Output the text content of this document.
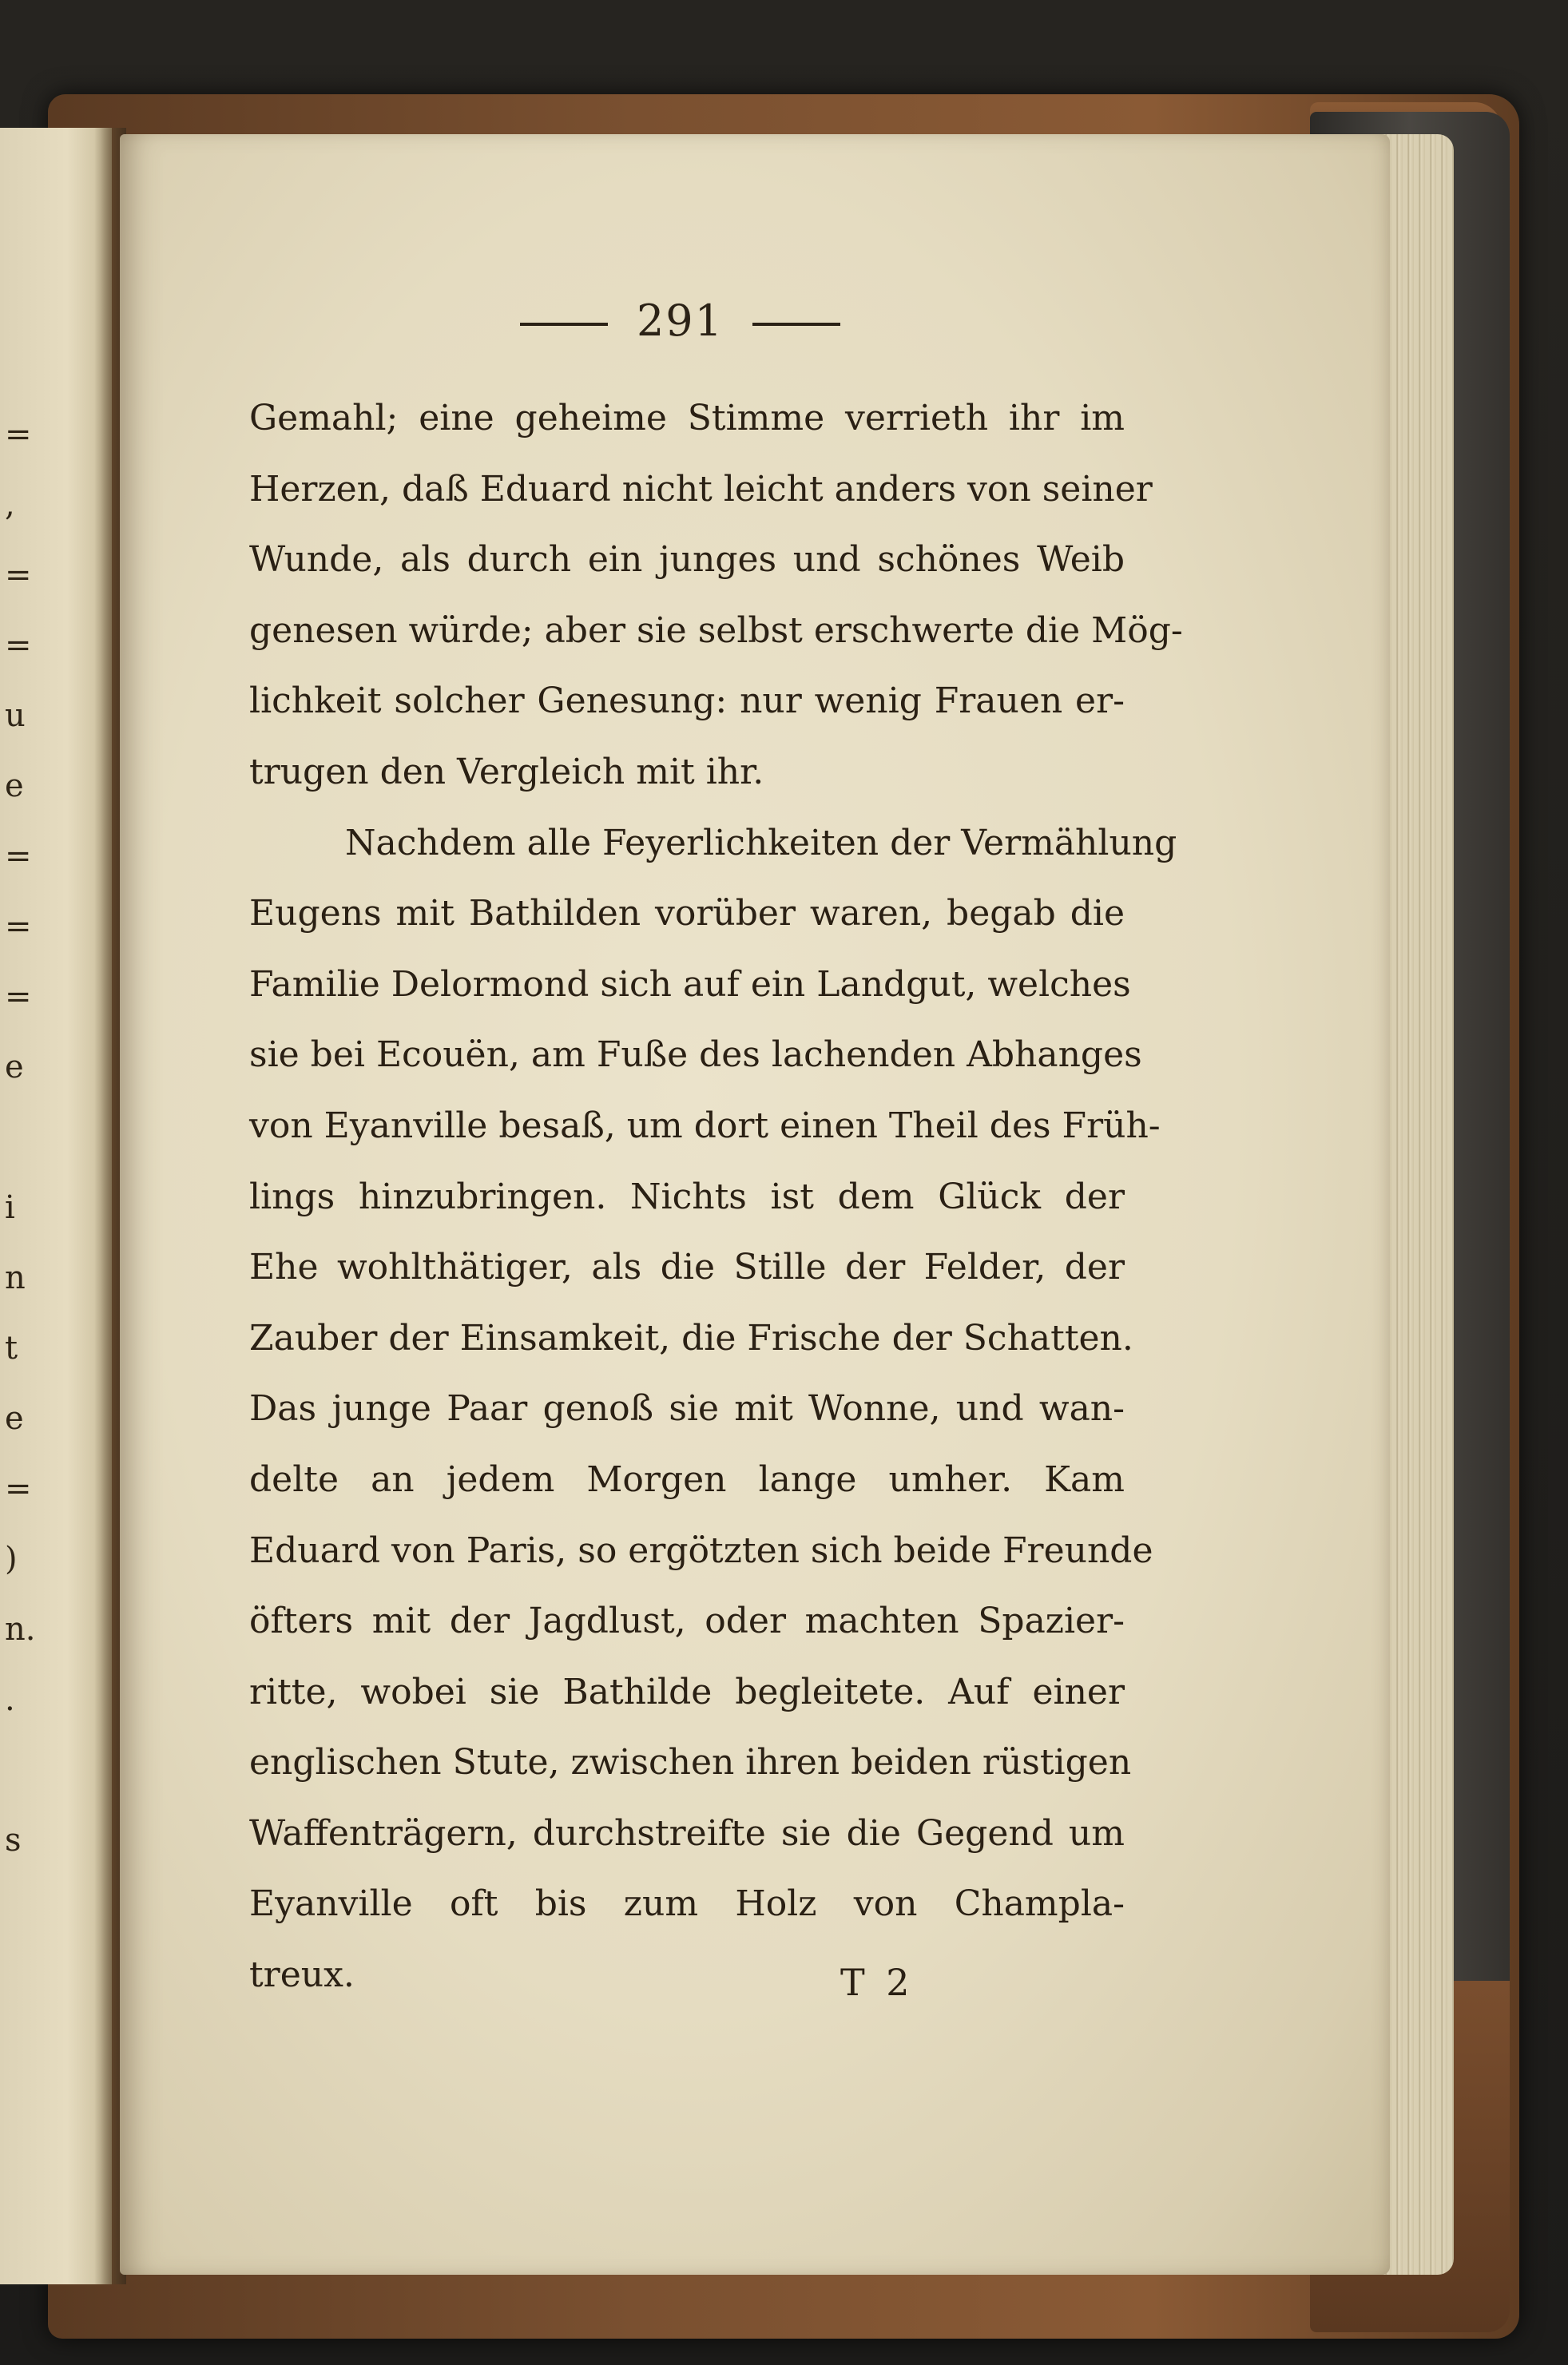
=
,
=
=
u
e
=
=
=
e
i
n
t
e
=
)
n.
.
s
291
Gemahl; eine geheime Stimme verrieth ihr im
Herzen, daß Eduard nicht leicht anders von seiner
Wunde, als durch ein junges und schönes Weib
genesen würde; aber sie selbst erschwerte die Mög-
lichkeit solcher Genesung: nur wenig Frauen er-
trugen den Vergleich mit ihr.
Nachdem alle Feyerlichkeiten der Vermählung
Eugens mit Bathilden vorüber waren, begab die
Familie Delormond sich auf ein Landgut, welches
sie bei Ecouën, am Fuße des lachenden Abhanges
von Eyanville besaß, um dort einen Theil des Früh-
lings hinzubringen. Nichts ist dem Glück der
Ehe wohlthätiger, als die Stille der Felder, der
Zauber der Einsamkeit, die Frische der Schatten.
Das junge Paar genoß sie mit Wonne, und wan-
delte an jedem Morgen lange umher. Kam
Eduard von Paris, so ergötzten sich beide Freunde
öfters mit der Jagdlust, oder machten Spazier-
ritte, wobei sie Bathilde begleitete. Auf einer
englischen Stute, zwischen ihren beiden rüstigen
Waffenträgern, durchstreifte sie die Gegend um
Eyanville oft bis zum Holz von Champla-
treux.	T 2
